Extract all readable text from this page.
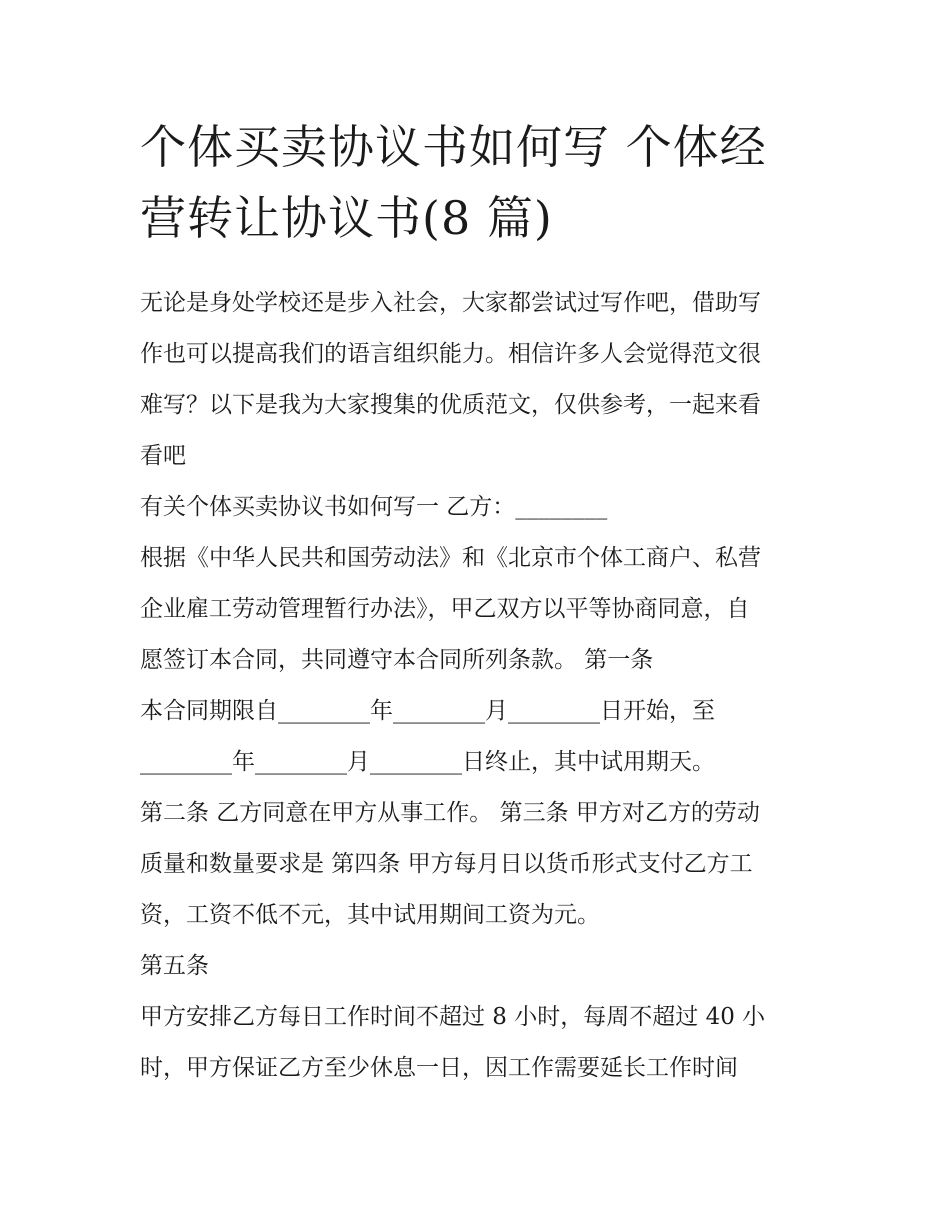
个体买卖协议书如何写 个体经
营转让协议书(8 篇)
无论是身处学校还是步入社会，大家都尝试过写作吧，借助写
作也可以提高我们的语言组织能力。相信许多人会觉得范文很
难写？以下是我为大家搜集的优质范文，仅供参考，一起来看
看吧
有关个体买卖协议书如何写一 乙方：________
根据《中华人民共和国劳动法》和《北京市个体工商户、私营
企业雇工劳动管理暂行办法》，甲乙双方以平等协商同意，自
愿签订本合同，共同遵守本合同所列条款。 第一条
本合同期限自________年________月________日开始，至
________年________月________日终止，其中试用期天。
第二条 乙方同意在甲方从事工作。 第三条 甲方对乙方的劳动
质量和数量要求是 第四条 甲方每月日以货币形式支付乙方工
资，工资不低不元，其中试用期间工资为元。
第五条
甲方安排乙方每日工作时间不超过 8 小时，每周不超过 40 小
时，甲方保证乙方至少休息一日，因工作需要延长工作时间
